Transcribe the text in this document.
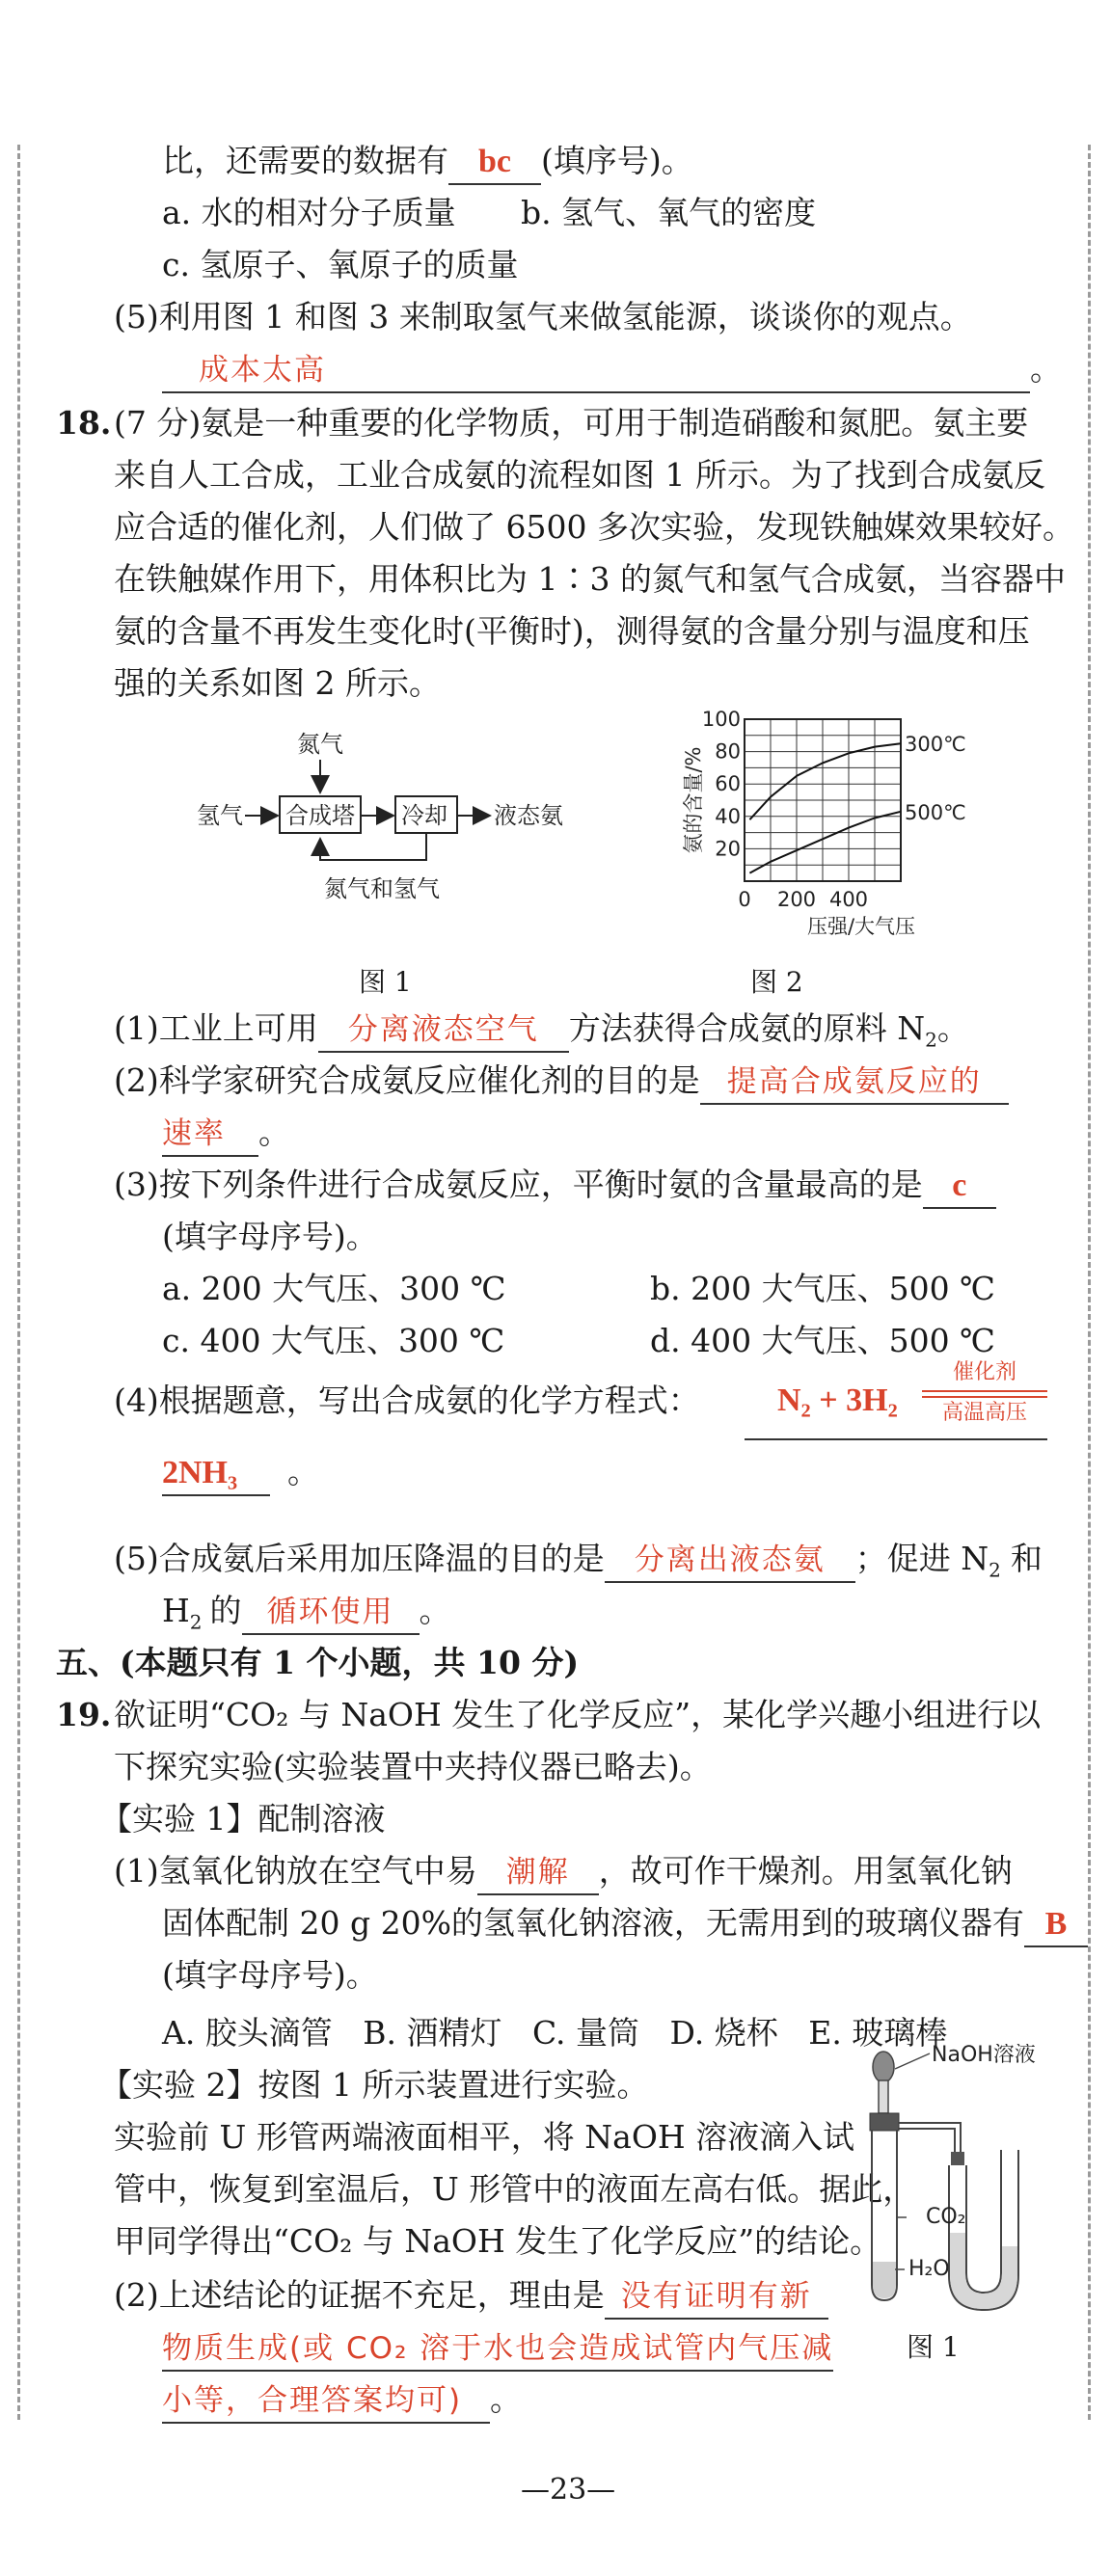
比，还需要的数据有 bc (填序号)。
a. 水的相对分子质量 b. 氢气、氧气的密度
c. 氢原子、氧原子的质量
(5)利用图 1 和图 3 来制取氢气来做氢能源，谈谈你的观点。
成本太高	。
18. (7 分)氨是一种重要的化学物质，可用于制造硝酸和氮肥。氨主要
来自人工合成，工业合成氨的流程如图 1 所示。为了找到合成氨反
应合适的催化剂，人们做了 6500 多次实验，发现铁触媒效果较好。
在铁触媒作用下，用体积比为 1∶3 的氮气和氢气合成氨，当容器中
氨的含量不再发生变化时(平衡时)，测得氨的含量分别与温度和压
强的关系如图 2 所示。
氮气
氢气 合成塔 冷却 液态氨
氮气和氢气
图 1
20
40
60
80
100
0 200 400
压强/大气压
氨的含量/%
300℃
500℃
图 2
(1)工业上可用 分离液态空气 方法获得合成氨的原料 $N_2$。
(2)科学家研究合成氨反应催化剂的目的是 提高合成氨反应的
速率 。
(3)按下列条件进行合成氨反应，平衡时氨的含量最高的是 c
(填字母序号)。
a. 200 大气压、300 ℃	b. 200 大气压、500 ℃
c. 400 大气压、300 ℃	d. 400 大气压、500 ℃
(4)根据题意，写出合成氨的化学方程式： N₂ + 3H₂
催化剂
高温高压
2NH₃ 。
(5)合成氨后采用加压降温的目的是 分离出液态氨 ；促进 $N_2$ 和
$H_2$ 的 循环使用 。
五、(本题只有 1 个小题，共 10 分)
19. 欲证明“CO₂ 与 NaOH 发生了化学反应”，某化学兴趣小组进行以
下探究实验(实验装置中夹持仪器已略去)。
【实验 1】配制溶液
(1)氢氧化钠放在空气中易 潮解 ，故可作干燥剂。用氢氧化钠
固体配制 20 g 20%的氢氧化钠溶液，无需用到的玻璃仪器有 B
(填字母序号)。
A. 胶头滴管   B. 酒精灯   C. 量筒   D. 烧杯   E. 玻璃棒
【实验 2】按图 1 所示装置进行实验。
实验前 U 形管两端液面相平，将 NaOH 溶液滴入试
管中，恢复到室温后，U 形管中的液面左高右低。据此，
甲同学得出“CO₂ 与 NaOH 发生了化学反应”的结论。
(2)上述结论的证据不充足，理由是 没有证明有新
物质生成(或 CO₂ 溶于水也会造成试管内气压减
小等，合理答案均可) 。
NaOH溶液
CO₂
H₂O
图 1
—23—
